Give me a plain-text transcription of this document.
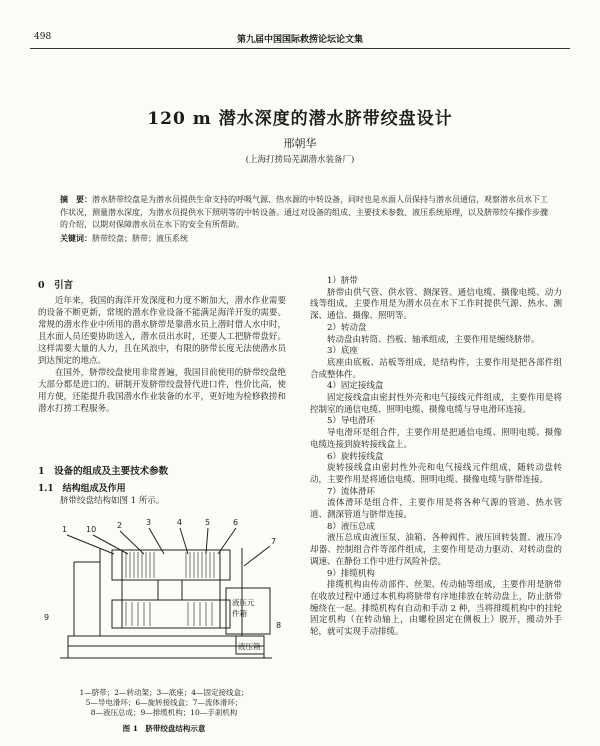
498	第九届中国国际救捞论坛论文集
120 m 潜水深度的潜水脐带绞盘设计
邢朝华
(上海打捞局芜湖潜水装备厂)
摘　要：潜水脐带绞盘是为潜水员提供生命支持的呼吸气源、热水源的中转设备，同时也是水面人员保持与潜水员通信，观察潜水员水下工作状况，测量潜水深度，为潜水员提供水下照明等的中转设备。通过对设备的组成、主要技术参数、液压系统原理，以及脐带绞车操作步骤的介绍，以期对保障潜水员在水下的安全有所帮助。
关键词：脐带绞盘；脐带；液压系统
0　引言

近年来，我国的海洋开发深度和力度不断加大，潜水作业需要的设备不断更新，常规的潜水作业设备不能满足海洋开发的需要。常规的潜水作业中所用的潜水脐带是靠潜水员上潜时借人水中时，且水面人员还要协助送入，潜水员出水时，还要人工把脐带盘好。这样需要大量的人力，且在风浪中，有限的脐带长度无法使潜水员到达预定的地点。

在国外，脐带绞盘使用非常普遍，我国目前使用的脐带绞盘绝大部分都是进口的。研制开发脐带绞盘替代进口件，性价比高，使用方便，还能提升我国潜水作业装备的水平，更好地为检修救捞和潜水打捞工程服务。

1　设备的组成及主要技术参数
1.1　结构组成及作用
脐带绞盘结构如图 1 所示。
1 10	2	3	4	5	6
7
8
9
液压元
件箱
液压箱
1—脐带；2—转动架；3—底座；4—固定接线盒；
5—导电滑环；6—旋转接线盒；7—流体滑环；
8—液压总成；9—排缆机构；10—手刹机构
图 1　脐带绞盘结构示意

1）脐带

脐带由供气管、供水管、测深管、通信电缆、摄像电缆、动力线等组成，主要作用是为潜水员在水下工作时提供气源、热水、测深、通信、摄像、照明等。

2）转动盘

转动盘由转筒、挡板、轴承组成，主要作用是缠绕脐带。

3）底座

底座由底板、站板等组成，是结构件，主要作用是把各部件组合成整体件。

4）固定接线盒

固定接线盒由密封性外壳和电气接线元件组成，主要作用是将控制室的通信电缆、照明电缆、摄像电缆与导电滑环连接。

5）导电滑环

导电滑环是组合件，主要作用是把通信电缆、照明电缆、摄像电缆连接到旋转接线盒上。

6）旋转接线盒

旋转接线盒由密封性外壳和电气接线元件组成，随转动盘转动，主要作用是将通信电缆、照明电缆、摄像电缆与脐带连接。

7）流体滑环

流体滑环是组合件，主要作用是将各种气源的管道、热水管道、测深管道与脐带连接。

8）液压总成

液压总成由液压泵、油箱、各种阀件、液压回转装置、液压冷却器、控制组合件等部件组成，主要作用是动力驱动、对转动盘的调速、在静份工作中进行风险补偿。

9）排缆机构

排缆机构由传动部件、丝架、传动轴等组成，主要作用是脐带在收放过程中通过本机构将脐带有序地排放在转动盘上，防止脐带缠绕在一起。排缆机构有自动和手动 2 种，当将排缆机构中的挂轮固定机构（在转动轴上，由螺栓固定在侧板上）脱开，搬动外手轮，就可实现手动排缆。
